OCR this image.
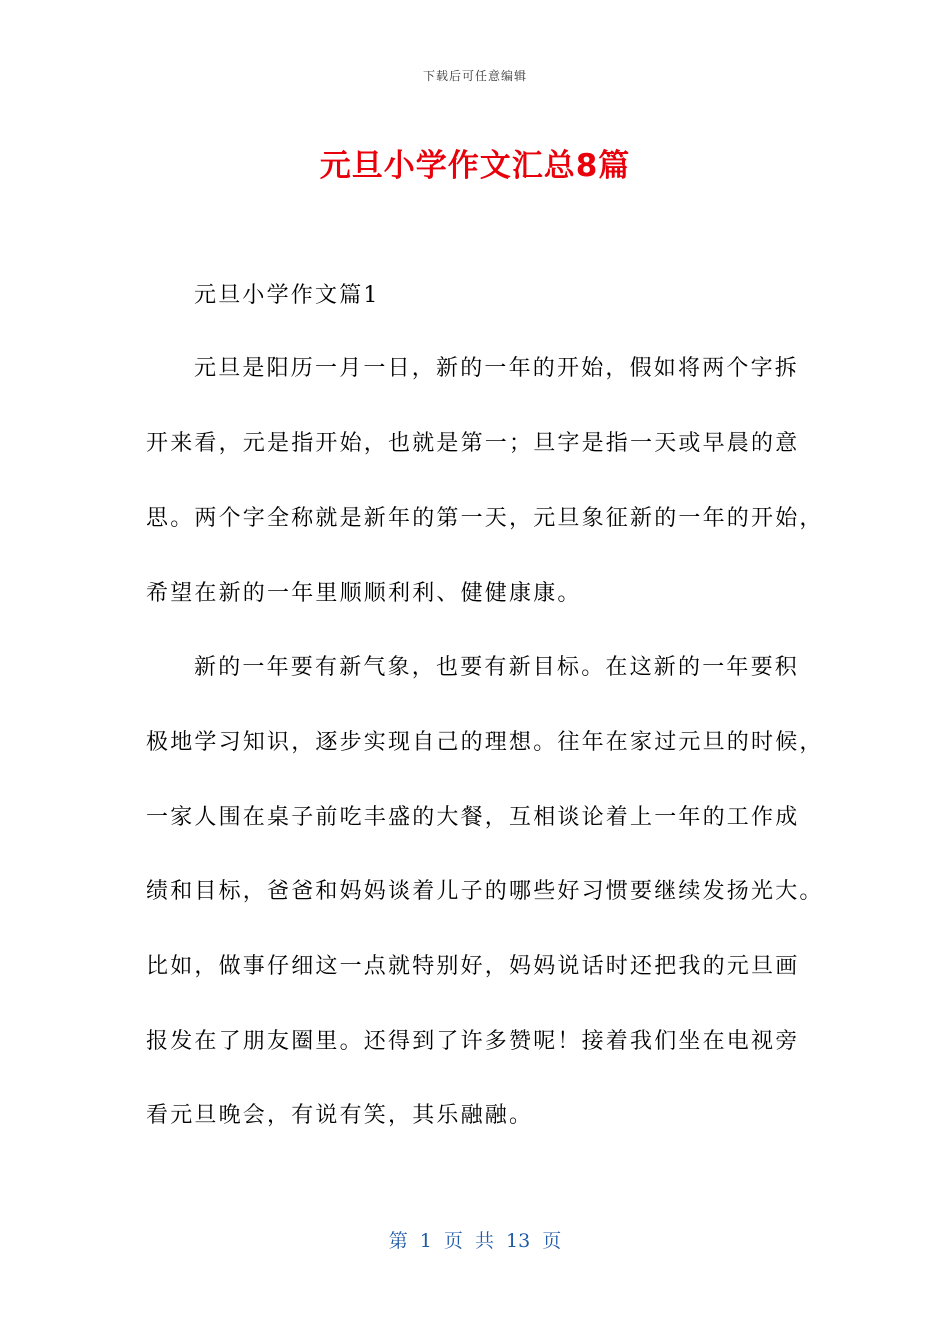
下载后可任意编辑
元旦小学作文汇总8篇
元旦小学作文篇1
元旦是阳历一月一日，新的一年的开始，假如将两个字拆
开来看，元是指开始，也就是第一；旦字是指一天或早晨的意
思。两个字全称就是新年的第一天，元旦象征新的一年的开始，
希望在新的一年里顺顺利利、健健康康。
新的一年要有新气象，也要有新目标。在这新的一年要积
极地学习知识，逐步实现自己的理想。往年在家过元旦的时候，
一家人围在桌子前吃丰盛的大餐，互相谈论着上一年的工作成
绩和目标，爸爸和妈妈谈着儿子的哪些好习惯要继续发扬光大。
比如，做事仔细这一点就特别好，妈妈说话时还把我的元旦画
报发在了朋友圈里。还得到了许多赞呢！接着我们坐在电视旁
看元旦晚会，有说有笑，其乐融融。
第 1 页 共 13 页
